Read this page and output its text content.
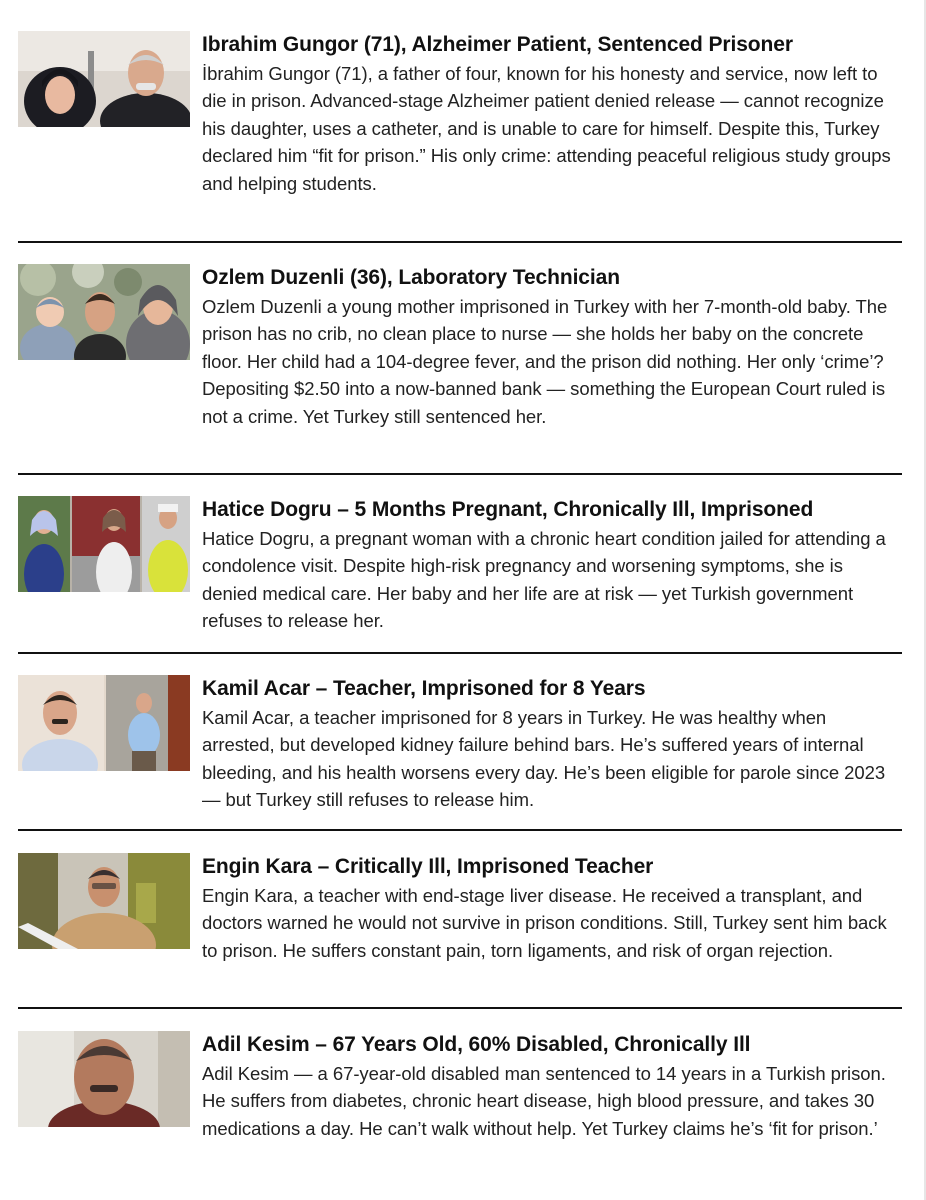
Ibrahim Gungor (71), Alzheimer Patient, Sentenced Prisoner

İbrahim Gungor (71), a father of four, known for his honesty and service, now left to die in prison. Advanced-stage Alzheimer patient denied release — cannot recognize his daughter, uses a catheter, and is unable to care for himself. Despite this, Turkey declared him “fit for prison.” His only crime: attending peaceful religious study groups and helping students.

Ozlem Duzenli (36), Laboratory Technician

Ozlem Duzenli a young mother imprisoned in Turkey with her 7-month-old baby. The prison has no crib, no clean place to nurse — she holds her baby on the concrete floor. Her child had a 104-degree fever, and the prison did nothing. Her only ‘crime’? Depositing $2.50 into a now-banned bank — something the European Court ruled is not a crime. Yet Turkey still sentenced her.

Hatice Dogru – 5 Months Pregnant, Chronically Ill, Imprisoned

Hatice Dogru, a pregnant woman with a chronic heart condition jailed for attending a condolence visit. Despite high-risk pregnancy and worsening symptoms, she is denied medical care. Her baby and her life are at risk — yet Turkish government refuses to release her.

Kamil Acar – Teacher, Imprisoned for 8 Years

Kamil Acar, a teacher imprisoned for 8 years in Turkey. He was healthy when arrested, but developed kidney failure behind bars. He’s suffered years of internal bleeding, and his health worsens every day. He’s been eligible for parole since 2023 — but Turkey still refuses to release him.

Engin Kara – Critically Ill, Imprisoned Teacher

Engin Kara, a teacher with end-stage liver disease. He received a transplant, and doctors warned he would not survive in prison conditions. Still, Turkey sent him back to prison. He suffers constant pain, torn ligaments, and risk of organ rejection.

Adil Kesim – 67 Years Old, 60% Disabled, Chronically Ill

Adil Kesim — a 67-year-old disabled man sentenced to 14 years in a Turkish prison. He suffers from diabetes, chronic heart disease, high blood pressure, and takes 30 medications a day. He can’t walk without help. Yet Turkey claims he’s ‘fit for prison.’
